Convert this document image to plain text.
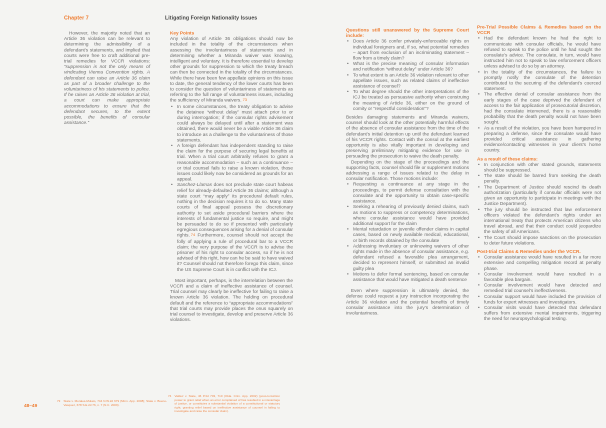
Chapter 7	Litigating Foreign Nationality Issues

However, the majority noted that an Article 36 violation can be relevant to determining the admissibility of a defendant’s statements, and implied that courts were free to craft additional pre-trial remedies for VCCR violations: “suppression is not the only means of vindicating Vienna Convention rights. A defendant can raise an Article 36 claim as part of a broader challenge to the voluntariness of his statements to police. If he raises an Article 36 violation at trial, a court can make appropriate accommodations to ensure that the defendant secures, to the extent possible, the benefits of consular assistance.”

Key Points

Any violation of Article 36 obligations should now be included in the totality of the circumstances when assessing the involuntariness of statements and in determining whether a Miranda waiver was knowing, intelligent and voluntary. It is therefore essential to develop other grounds for suppression to which the treaty breach can then be connected in the totality of the circumstances. While there have been few appellate opinions on this issue to date, the general tendency of the lower courts has been to consider the question of voluntariness of statements as referring to the full range of voluntariness issues, including the sufficiency of Miranda waivers.73

• In some circumstances, the treaty obligation to advise the detainee “without delay” must attach prior to or during interrogation; if the consular rights advisement could always be delayed until after a statement was obtained, there would never be a viable Article 36 claim to introduce as a challenge to the voluntariness of those statements.
• A foreign defendant has independent standing to raise the claim for the purpose of securing legal benefits at trial. When a trial court arbitrarily refuses to grant a reasonable accommodation – such as a continuance – or trial counsel fails to raise a known violation, those issues could likely now be considered as grounds for an appeal.
• Sanchez-Llamas does not preclude state court habeas relief for already-defaulted Article 36 claims; although a state court “may apply” its procedural default rules, nothing in the decision requires it to do so. Many state courts of final appeal possess the discretionary authority to set aside procedural barriers where the interests of fundamental justice so require, and might be persuaded to do so if presented with particularly egregious consequences arising for a denial of consular rights.74 Furthermore, counsel should not accept the folly of applying a rule of procedural bar to a VCCR claim; the very purpose of the VCCR is to advise the prisoner of his right to consular access, so if he is not advised of this right, how can he be said to have waived it? Counsel should not therefore forego this claim, since the US Supreme Court is in conflict with the ICJ.

Most important, perhaps, is the interrelation between the VCCR and a claim of ineffective assistance of counsel. Trial counsel may clearly be ineffective for failing to raise a known Article 36 violation. The holding on procedural default and the reference to “appropriate accommodations” that trial courts may provide places the onus squarely on trial counsel to investigate, develop and preserve Article 36 violations.

Questions still unanswered by the Supreme Court include:
• Does Article 36 confer privately-enforceable rights on individual foreigners and, if so, what potential remedies – apart from exclusion of an incriminating statement – flow from a timely claim?
• What is the precise meaning of consular information and notification “without delay” under Article 36?
• To what extent is an Article 36 violation relevant to other appellate issues, such as related claims of ineffective assistance of counsel?
• To what degree should the other interpretations of the ICJ be treated as persuasive authority when construing the meaning of Article 36, either on the ground of comity or “respectful consideration”?

Besides damaging statements and Miranda waivers, counsel should look at the other potentially harmful effects of the absence of consular assistance from the time of the defendant’s initial detention up until the defendant learned of his VCCR rights. Contact with the consul at the earliest opportunity is also vitally important in developing and preserving preliminary mitigating evidence for use in persuading the prosecution to waive the death penalty.

Depending on the stage of the proceedings and the supporting facts, counsel should file or supplement motions addressing a range of issues related to the delay in consular notification. Those motions include:

• Requesting a continuance at any stage in the proceedings, to permit defense consultation with the consulate and the opportunity to obtain case-specific assistance.
• Seeking a rehearing of previously denied claims, such as motions to suppress or competency determinations, where consular assistance would have provided additional support for the claim
• Mental retardation or juvenile offender claims in capital cases, based on newly available medical, educational, or birth records obtained by the consulate
• Addressing involuntary or unknowing waivers of other rights made in the absence of consular assistance, e.g. defendant refused a favorable plea arrangement, decided to represent himself, or submitted an invalid guilty plea
• Motions to defer formal sentencing, based on consular assistance that would have mitigated a death sentence

Even where suppression is ultimately denied, the defense could request a jury instruction incorporating the Article 36 violation and the potential benefits of timely consular assistance into the jury’s determination of involuntariness.

Pre-Trial Possible Claims & Remedies based on the VCCR
• Had the defendant known he had the right to communicate with consular officials, he would have refused to speak to the police until he had sought the consulate’s advice. The consulate, in turn, would have instructed him not to speak to law enforcement officers unless advised to do so by an attorney.
• In the totality of the circumstances, the failure to promptly notify the consulate of the detention contributed to the securing of the defendant’s coerced statement.
• The effective denial of consular assistance from the early stages of the case deprived the defendant of access to the fair application of prosecutorial discretion, had the consulate intervened, there is a reasonable probability that the death penalty would not have been sought.
• As a result of the violation, you have been hampered in preparing a defense, since the consulate would have provided critical assistance in gathering evidence/contacting witnesses in your client’s home country.
As a result of these claims:
• In conjunction with other stated grounds, statements should be suppressed.
• The state should be barred from seeking the death penalty.
• The Department of Justice should rescind its death authorization (particularly if consular officials were not given an opportunity to participate in meetings with the Justice Department).
• The jury should be instructed that law enforcement officers violated the defendant’s rights under an international treaty that protects American citizens who travel abroad, and that their conduct could jeopardize the safety of all Americans.
• The Court should impose sanctions on the prosecution to deter future violations.
Post-trial Claims & Remedies under the VCCR.
• Consular assistance would have resulted in a far more extensive and compelling mitigation record at penalty phase.
• Consular involvement would have resulted in a favorable plea bargain.
• Consular involvement would have detected and remedied trial counsel’s ineffectiveness.
• Consular support would have included the provision of funds for expert witnesses and investigators.
• Consular visits would have detected that defendant suffers from extensive mental impairments, triggering the need for neuropsychological testing.
48–49
73 State v. Morales-Mulato, 744 N.W.2d 679 (Minn. App. 2008); State v. Bueno-Vasquez, 678 S.E.2d 76, n. 7 (N.C. 2009).
74 Valdez v. State, 46 P.3d 703, 710 (Okla. Crim. App. 2002) (post-conviction power to grant relief when an error complained of has resulted in a miscarriage of justice, or constitutes a substantial violation of a constitutional or statutory right; granting relief based on ineffective assistance of counsel in failing to investigate and raise the consular claim).
